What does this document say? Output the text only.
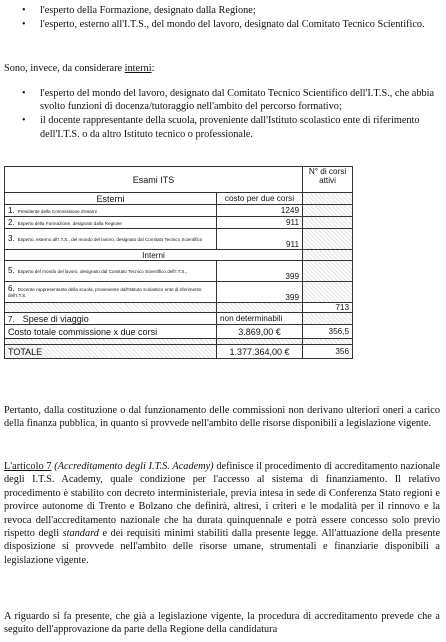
• l'esperto della Formazione, designato dalla Regione;
• l'esperto, esterno all'I.T.S., del mondo del lavoro, designato dal Comitato Tecnico Scientifico.
Sono, invece, da considerare interni:
• l'esperto del mondo del lavoro, designato dal Comitato Tecnico Scientifico dell'I.T.S., che abbia svolto funzioni di docenza/tutoraggio nell'ambito del percorso formativo;
• il docente rappresentante della scuola, proveniente dall'Istituto scolastico ente di riferimento dell'I.T.S. o da altro Istituto tecnico o professionale.
Esami ITS		N° di corsi attivi
Esterni	costo per due corsi	
1. Presidente della Commissione d'esami	1249	
2. Esperto della Formazione, designato dalla Regione	911	
3. Esperto, esterno all'I.T.S., del mondo del lavoro, designato dal Comitato Tecnico Scientifico	911	
Interni		
5. Esperto del mondo del lavoro, designato dal Comitato Tecnico Scientifico dell'I.T.S.,	399	
6. Docente rappresentante della scuola, proveniente dall'Istituto scolastico ente di riferimento dell'I.T.S.	399	
		713
7. Spese di viaggio	non determinabili	
Costo totale commissione x due corsi	3.869,00 €	356,5

TOTALE	1.377.364,00 €	356
Pertanto, dalla costituzione o dal funzionamento delle commissioni non derivano ulteriori oneri a carico della finanza pubblica, in quanto si provvede nell'ambito delle risorse disponibili a legislazione vigente.
L'articolo 7 (Accreditamento degli I.T.S. Academy) definisce il procedimento di accreditamento nazionale degli I.T.S. Academy, quale condizione per l'accesso al sistema di finanziamento. Il relativo procedimento è stabilito con decreto interministeriale, previa intesa in sede di Conferenza Stato regioni e provirce autonome di Trento e Bolzano che definirà, altresì, i criteri e le modalità per il rinnovo e la revoca dell'accreditamento nazionale che ha durata quinquennale e potrà essere concesso solo previo rispetto degli standard e dei requisiti minimi stabiliti dalla presente legge. All'attuazione della presente disposizione si provvede nell'ambito delle risorse umane, strumentali e finanziarie disponibili a legislazione vigente.
A riguardo si fa presente, che già a legislazione vigente, la procedura di accreditamento prevede che a seguito dell'approvazione da parte della Regione della candidatura
